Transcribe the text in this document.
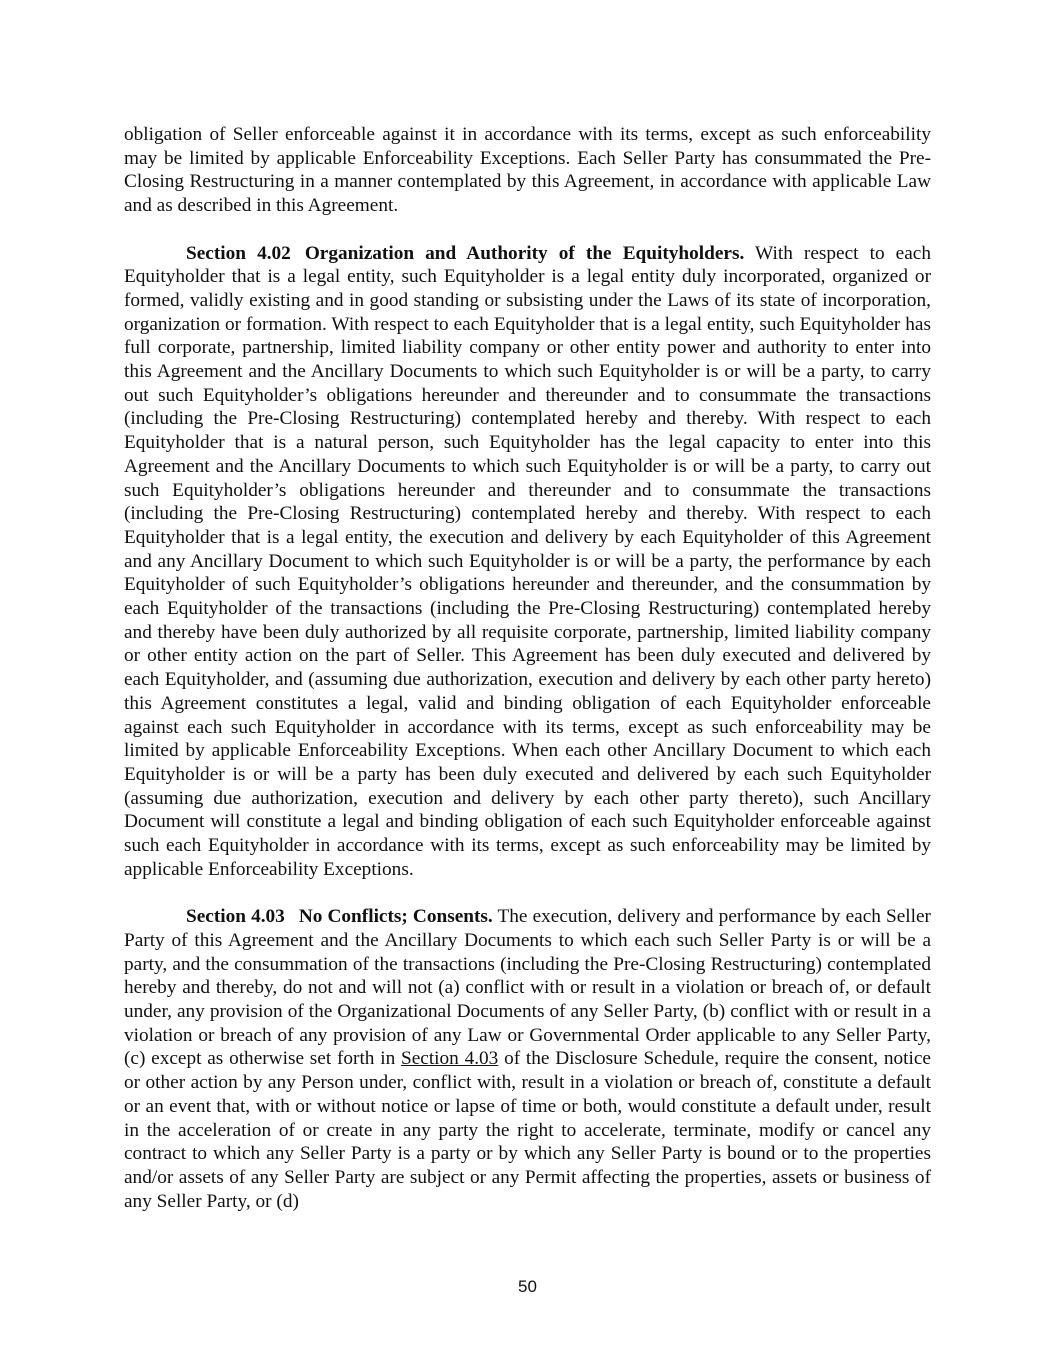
obligation of Seller enforceable against it in accordance with its terms, except as such enforceability may be limited by applicable Enforceability Exceptions. Each Seller Party has consummated the Pre-Closing Restructuring in a manner contemplated by this Agreement, in accordance with applicable Law and as described in this Agreement.

Section 4.02 Organization and Authority of the Equityholders. With respect to each Equityholder that is a legal entity, such Equityholder is a legal entity duly incorporated, organized or formed, validly existing and in good standing or subsisting under the Laws of its state of incorporation, organization or formation. With respect to each Equityholder that is a legal entity, such Equityholder has full corporate, partnership, limited liability company or other entity power and authority to enter into this Agreement and the Ancillary Documents to which such Equityholder is or will be a party, to carry out such Equityholder’s obligations hereunder and thereunder and to consummate the transactions (including the Pre-Closing Restructuring) contemplated hereby and thereby. With respect to each Equityholder that is a natural person, such Equityholder has the legal capacity to enter into this Agreement and the Ancillary Documents to which such Equityholder is or will be a party, to carry out such Equityholder’s obligations hereunder and thereunder and to consummate the transactions (including the Pre-Closing Restructuring) contemplated hereby and thereby. With respect to each Equityholder that is a legal entity, the execution and delivery by each Equityholder of this Agreement and any Ancillary Document to which such Equityholder is or will be a party, the performance by each Equityholder of such Equityholder’s obligations hereunder and thereunder, and the consummation by each Equityholder of the transactions (including the Pre-Closing Restructuring) contemplated hereby and thereby have been duly authorized by all requisite corporate, partnership, limited liability company or other entity action on the part of Seller. This Agreement has been duly executed and delivered by each Equityholder, and (assuming due authorization, execution and delivery by each other party hereto) this Agreement constitutes a legal, valid and binding obligation of each Equityholder enforceable against each such Equityholder in accordance with its terms, except as such enforceability may be limited by applicable Enforceability Exceptions. When each other Ancillary Document to which each Equityholder is or will be a party has been duly executed and delivered by each such Equityholder (assuming due authorization, execution and delivery by each other party thereto), such Ancillary Document will constitute a legal and binding obligation of each such Equityholder enforceable against such each Equityholder in accordance with its terms, except as such enforceability may be limited by applicable Enforceability Exceptions.

Section 4.03 No Conflicts; Consents. The execution, delivery and performance by each Seller Party of this Agreement and the Ancillary Documents to which each such Seller Party is or will be a party, and the consummation of the transactions (including the Pre-Closing Restructuring) contemplated hereby and thereby, do not and will not (a) conflict with or result in a violation or breach of, or default under, any provision of the Organizational Documents of any Seller Party, (b) conflict with or result in a violation or breach of any provision of any Law or Governmental Order applicable to any Seller Party, (c) except as otherwise set forth in Section 4.03 of the Disclosure Schedule, require the consent, notice or other action by any Person under, conflict with, result in a violation or breach of, constitute a default or an event that, with or without notice or lapse of time or both, would constitute a default under, result in the acceleration of or create in any party the right to accelerate, terminate, modify or cancel any contract to which any Seller Party is a party or by which any Seller Party is bound or to the properties and/or assets of any Seller Party are subject or any Permit affecting the properties, assets or business of any Seller Party, or (d)

50
